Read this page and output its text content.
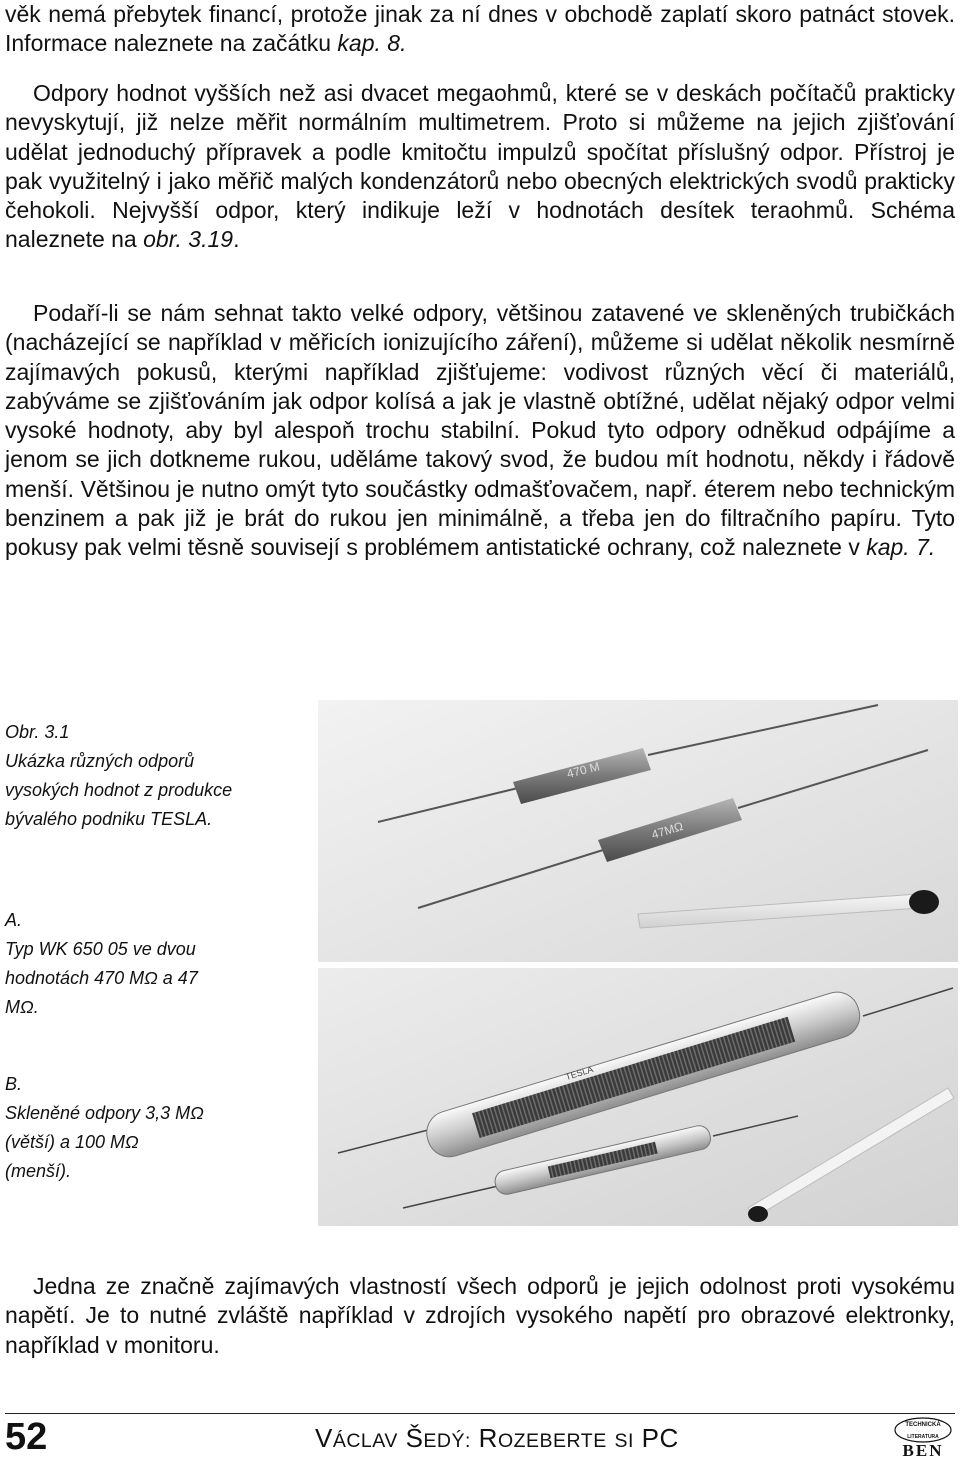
věk nemá přebytek financí, protože jinak za ní dnes v obchodě zaplatí skoro patnáct stovek. Informace naleznete na začátku kap. 8.

Odpory hodnot vyšších než asi dvacet megaohmů, které se v deskách počítačů prakticky nevyskytují, již nelze měřit normálním multimetrem. Proto si můžeme na jejich zjišťování udělat jednoduchý přípravek a podle kmitočtu impulzů spočítat příslušný odpor. Přístroj je pak využitelný i jako měřič malých kondenzátorů nebo obecných elektrických svodů prakticky čehokoli. Nejvyšší odpor, který indikuje leží v hodnotách desítek teraohmů. Schéma naleznete na obr. 3.19.

Podaří-li se nám sehnat takto velké odpory, většinou zatavené ve skleněných trubičkách (nacházející se například v měřicích ionizujícího záření), můžeme si udělat několik nesmírně zajímavých pokusů, kterými například zjišťujeme: vodivost různých věcí či materiálů, zabýváme se zjišťováním jak odpor kolísá a jak je vlastně obtížné, udělat nějaký odpor velmi vysoké hodnoty, aby byl alespoň trochu stabilní. Pokud tyto odpory odněkud odpájíme a jenom se jich dotkneme rukou, uděláme takový svod, že budou mít hodnotu, někdy i řádově menší. Většinou je nutno omýt tyto součástky odmašťovačem, např. éterem nebo technickým benzinem a pak již je brát do rukou jen minimálně, a třeba jen do filtračního papíru. Tyto pokusy pak velmi těsně souvisejí s problémem antistatické ochrany, což naleznete v kap. 7.

Obr. 3.1

Ukázka různých odporů vysokých hodnot z produkce bývalého podniku TESLA.

A.

Typ WK 650 05 ve dvou hodnotách 470 MΩ a 47 MΩ.

B.

Skleněné odpory 3,3 MΩ (větší) a 100 MΩ (menší).

470 M
47MΩ
TESLA

Jedna ze značně zajímavých vlastností všech odporů je jejich odolnost proti vysokému napětí. Je to nutné zvláště například v zdrojích vysokého napětí pro obrazové elektronky, například v monitoru.

52	VÁCLAV ŠEDÝ: ROZEBERTE SI PC	TECHNICKÁ
LITERATURA
BEN
